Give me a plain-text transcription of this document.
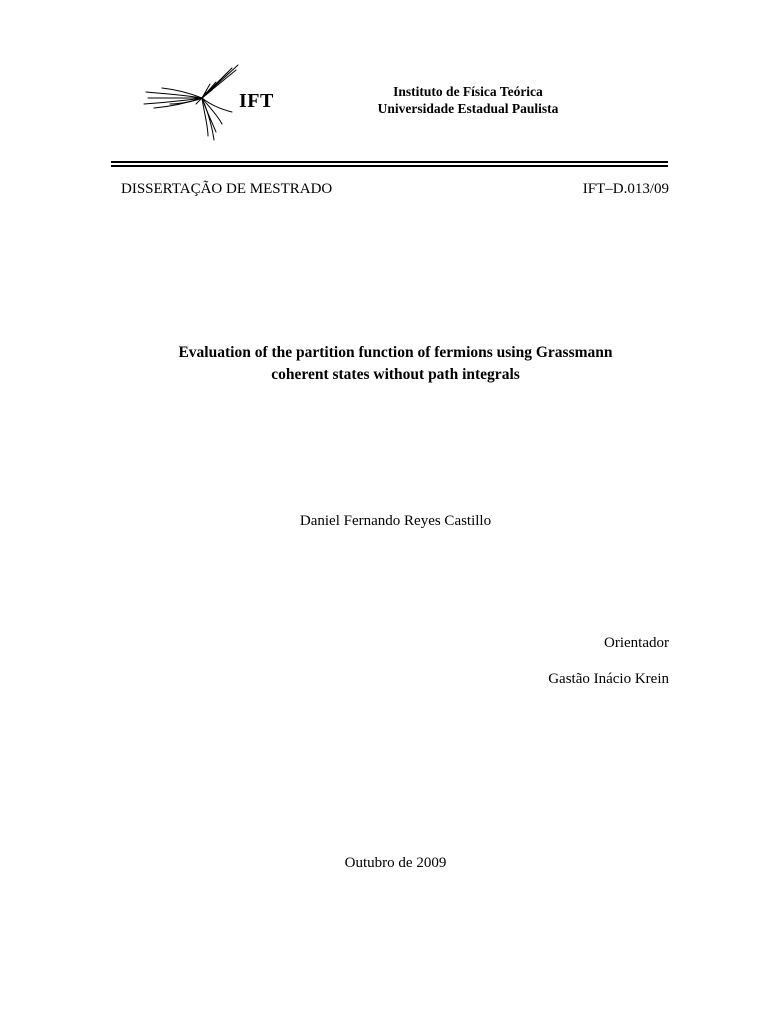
IFT	Instituto de Física Teórica
Universidade Estadual Paulista
DISSERTAÇÃO DE MESTRADO	IFT–D.013/09
Evaluation of the partition function of fermions using Grassmann
coherent states without path integrals
Daniel Fernando Reyes Castillo
Orientador
Gastão Inácio Krein
Outubro de 2009
